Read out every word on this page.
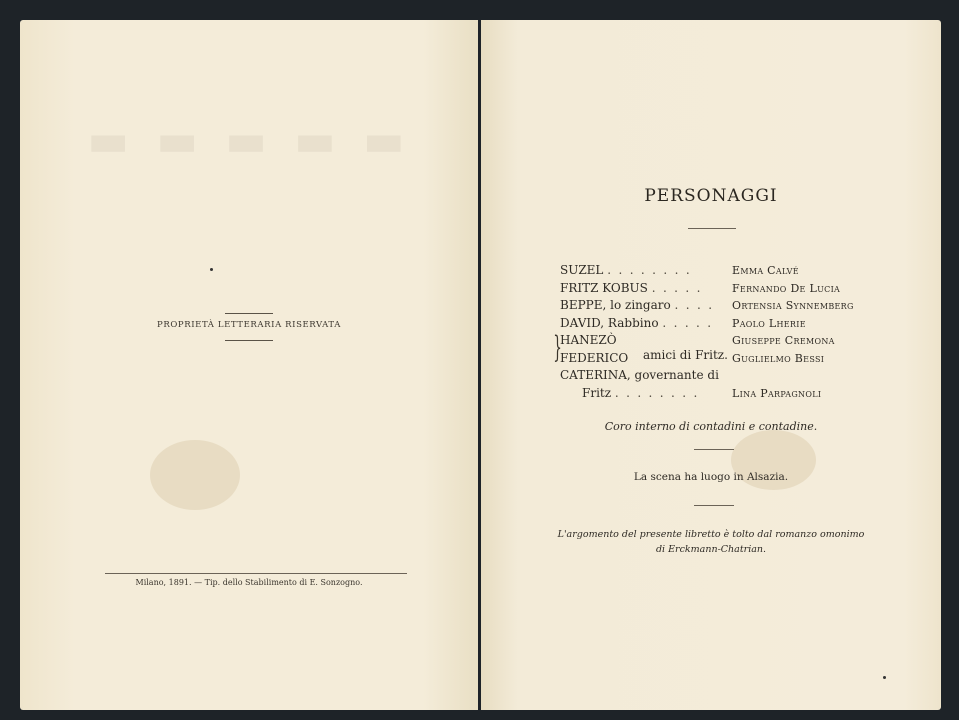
▬ ▬ ▬ ▬ ▬
PROPRIETÀ LETTERARIA RISERVATA
Milano, 1891. — Tip. dello Stabilimento di E. Sonzogno.
PERSONAGGI
SUZEL . . . . . . . .	Emma Calvé
FRITZ KOBUS . . . . .	Fernando De Lucia
BEPPE, lo zingaro . . . . Ortensia Synnemberg
DAVID, Rabbino . . . . . Paolo Lherie
HANEZÒ	Giuseppe Cremona
FEDERICO	Guglielmo Bessi
CATERINA, governante di
Fritz . . . . . . . .	Lina Parpagnoli
}	amici di Fritz.
Coro interno di contadini e contadine.
La scena ha luogo in Alsazia.
L'argomento del presente libretto è tolto dal romanzo omonimo
di Erckmann-Chatrian.
